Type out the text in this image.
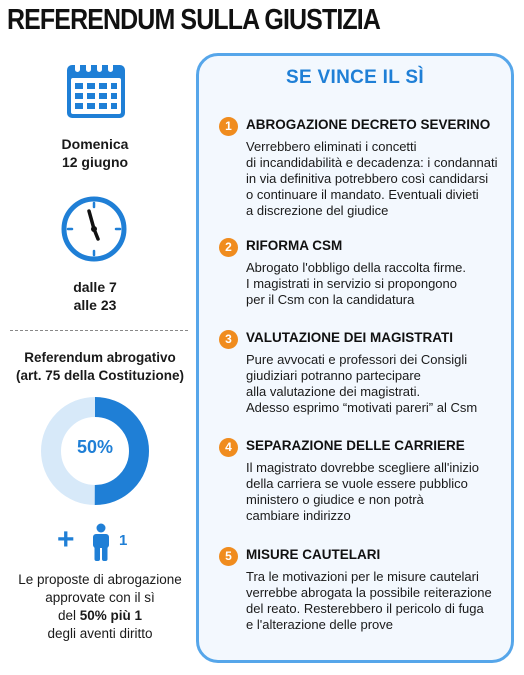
REFERENDUM SULLA GIUSTIZIA
Domenica
12 giugno
dalle 7
alle 23
Referendum abrogativo
(art. 75 della Costituzione)
50%
+	1
Le proposte di abrogazione
approvate con il sì
del 50% più 1
degli aventi diritto
SE VINCE IL SÌ
1	ABROGAZIONE DECRETO SEVERINO
Verrebbero eliminati i concetti
di incandidabilità e decadenza: i condannati
in via definitiva potrebbero così candidarsi
o continuare il mandato. Eventuali divieti
a discrezione del giudice
2	RIFORMA CSM
Abrogato l'obbligo della raccolta firme.
I magistrati in servizio si propongono
per il Csm con la candidatura
3	VALUTAZIONE DEI MAGISTRATI
Pure avvocati e professori dei Consigli
giudiziari potranno partecipare
alla valutazione dei magistrati.
Adesso esprimo “motivati pareri” al Csm
4	SEPARAZIONE DELLE CARRIERE
Il magistrato dovrebbe scegliere all'inizio
della carriera se vuole essere pubblico
ministero o giudice e non potrà
cambiare indirizzo
5	MISURE CAUTELARI
Tra le motivazioni per le misure cautelari
verrebbe abrogata la possibile reiterazione
del reato. Resterebbero il pericolo di fuga
e l'alterazione delle prove
